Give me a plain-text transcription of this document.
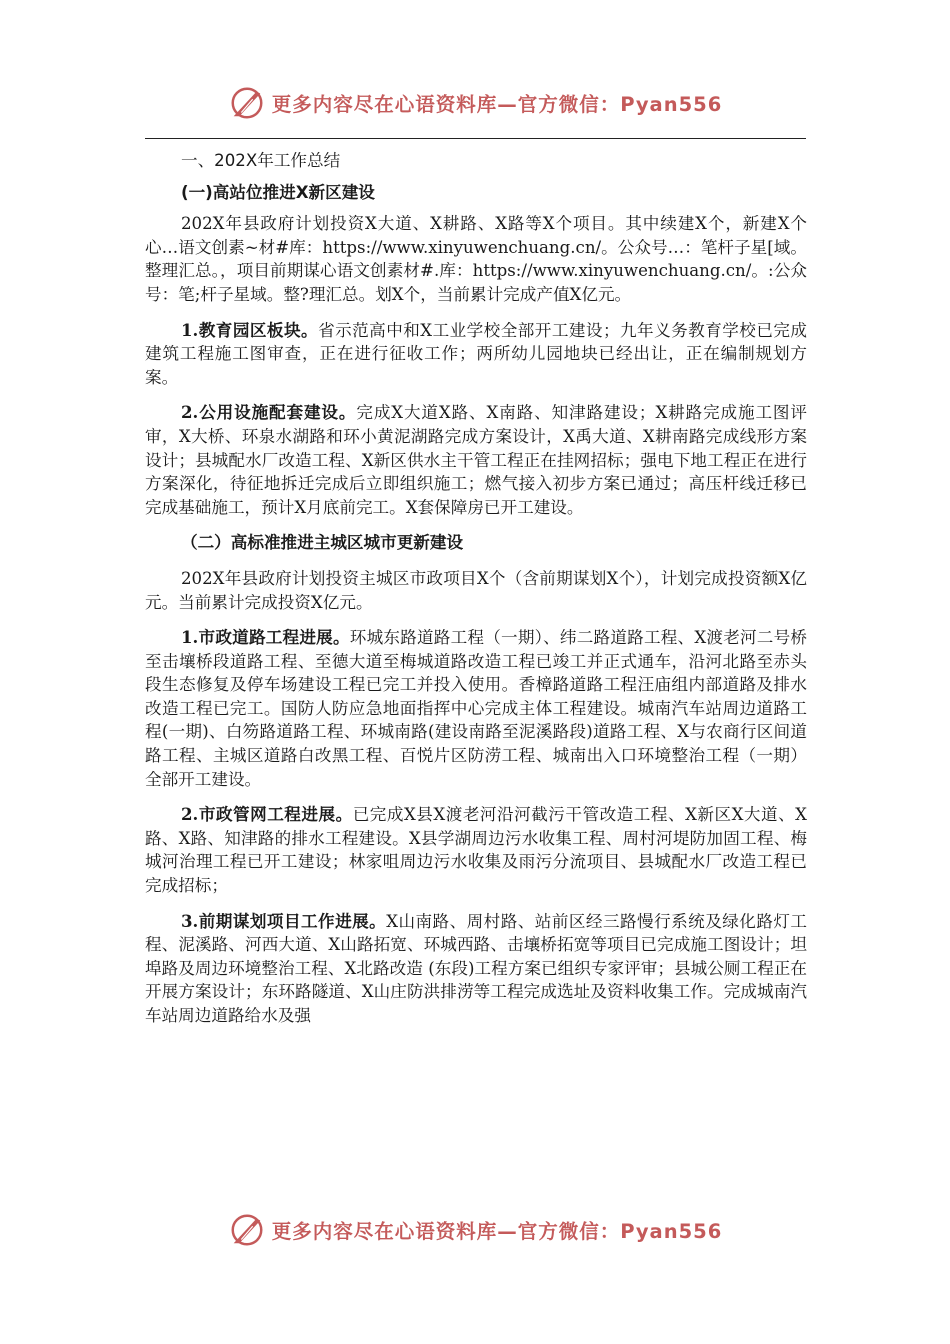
更多内容尽在心语资料库—官方微信：Pyan556

一、202X年工作总结

(一)高站位推进X新区建设

202X年县政府计划投资X大道、X耕路、X路等X个项目。其中续建X个，新建X个心…语文创素~材#库：https://www.xinyuwenchuang.cn/。公众号…：笔杆子星[域。整理汇总。，项目前期谋心语文创素材#.库：https://www.xinyuwenchuang.cn/。:公众号：笔;杆子星域。整?理汇总。划X个，当前累计完成产值X亿元。

1.教育园区板块。省示范高中和X工业学校全部开工建设；九年义务教育学校已完成建筑工程施工图审查，正在进行征收工作；两所幼儿园地块已经出让，正在编制规划方案。

2.公用设施配套建设。完成X大道X路、X南路、知津路建设；X耕路完成施工图评审，X大桥、环泉水湖路和环小黄泥湖路完成方案设计，X禹大道、X耕南路完成线形方案设计；县城配水厂改造工程、X新区供水主干管工程正在挂网招标；强电下地工程正在进行方案深化，待征地拆迁完成后立即组织施工；燃气接入初步方案已通过；高压杆线迁移已完成基础施工，预计X月底前完工。X套保障房已开工建设。

（二）高标准推进主城区城市更新建设

202X年县政府计划投资主城区市政项目X个（含前期谋划X个），计划完成投资额X亿元。当前累计完成投资X亿元。

1.市政道路工程进展。环城东路道路工程（一期）、纬二路道路工程、X渡老河二号桥至击壤桥段道路工程、至德大道至梅城道路改造工程已竣工并正式通车，沿河北路至赤头段生态修复及停车场建设工程已完工并投入使用。香樟路道路工程汪庙组内部道路及排水改造工程已完工。国防人防应急地面指挥中心完成主体工程建设。城南汽车站周边道路工程(一期)、白笏路道路工程、环城南路(建设南路至泥溪路段)道路工程、X与农商行区间道路工程、主城区道路白改黑工程、百悦片区防涝工程、城南出入口环境整治工程（一期）全部开工建设。

2.市政管网工程进展。已完成X县X渡老河沿河截污干管改造工程、X新区X大道、X路、X路、知津路的排水工程建设。X县学湖周边污水收集工程、周村河堤防加固工程、梅城河治理工程已开工建设；林家咀周边污水收集及雨污分流项目、县城配水厂改造工程已完成招标；

3.前期谋划项目工作进展。X山南路、周村路、站前区经三路慢行系统及绿化路灯工程、泥溪路、河西大道、X山路拓宽、环城西路、击壤桥拓宽等项目已完成施工图设计；坦埠路及周边环境整治工程、X北路改造 (东段)工程方案已组织专家评审；县城公厕工程正在开展方案设计；东环路隧道、X山庄防洪排涝等工程完成选址及资料收集工作。完成城南汽车站周边道路给水及强

更多内容尽在心语资料库—官方微信：Pyan556
